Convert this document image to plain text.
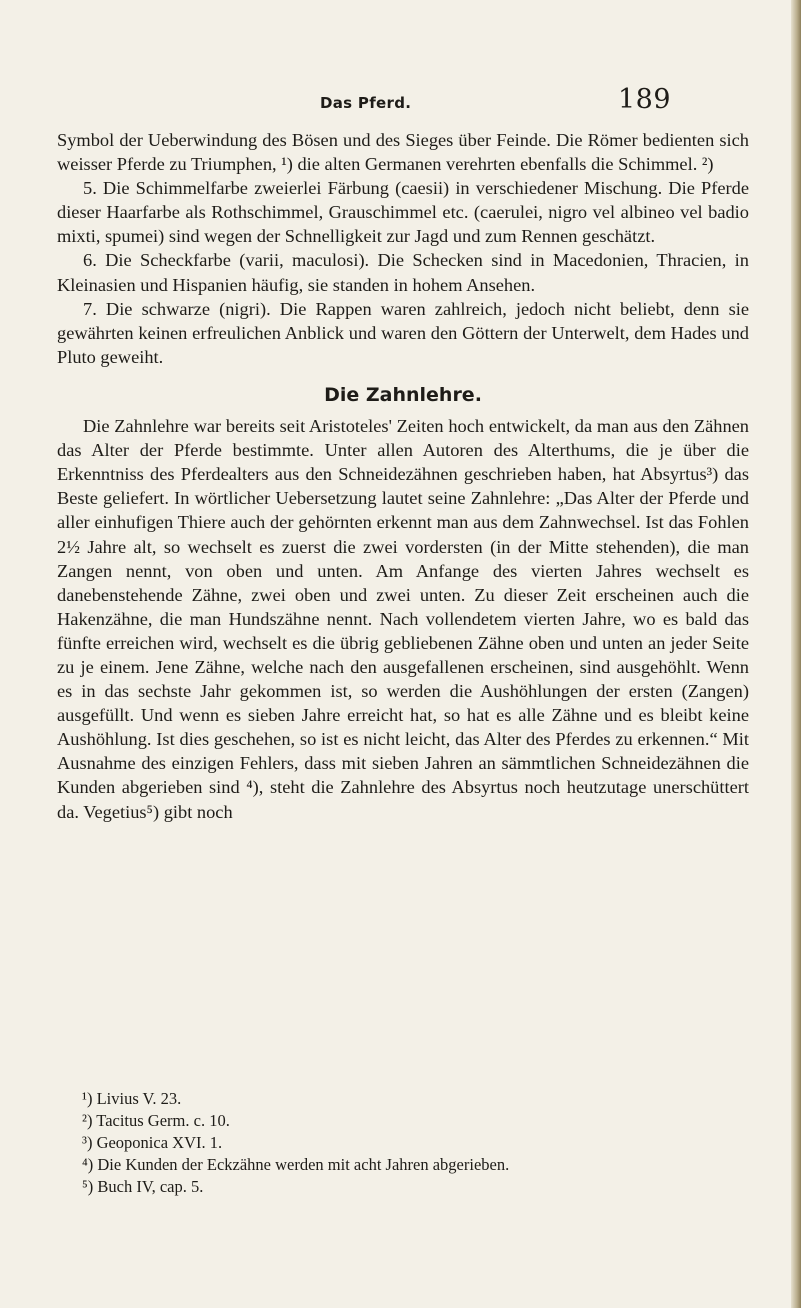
Das Pferd.	189

Symbol der Ueberwindung des Bösen und des Sieges über Feinde. Die Römer bedienten sich weisser Pferde zu Triumphen, ¹) die alten Germanen verehrten ebenfalls die Schimmel. ²)

5. Die Schimmelfarbe zweierlei Färbung (caesii) in verschiedener Mischung. Die Pferde dieser Haarfarbe als Rothschimmel, Grauschimmel etc. (caerulei, nigro vel albineo vel badio mixti, spumei) sind wegen der Schnelligkeit zur Jagd und zum Rennen geschätzt.

6. Die Scheckfarbe (varii, maculosi). Die Schecken sind in Macedonien, Thracien, in Kleinasien und Hispanien häufig, sie standen in hohem Ansehen.

7. Die schwarze (nigri). Die Rappen waren zahlreich, jedoch nicht beliebt, denn sie gewährten keinen erfreulichen Anblick und waren den Göttern der Unterwelt, dem Hades und Pluto geweiht.

Die Zahnlehre.

Die Zahnlehre war bereits seit Aristoteles' Zeiten hoch entwickelt, da man aus den Zähnen das Alter der Pferde bestimmte. Unter allen Autoren des Alterthums, die je über die Erkenntniss des Pferdealters aus den Schneidezähnen geschrieben haben, hat Absyrtus³) das Beste geliefert. In wörtlicher Uebersetzung lautet seine Zahnlehre: „Das Alter der Pferde und aller einhufigen Thiere auch der gehörnten erkennt man aus dem Zahnwechsel. Ist das Fohlen 2½ Jahre alt, so wechselt es zuerst die zwei vordersten (in der Mitte stehenden), die man Zangen nennt, von oben und unten. Am Anfange des vierten Jahres wechselt es danebenstehende Zähne, zwei oben und zwei unten. Zu dieser Zeit erscheinen auch die Hakenzähne, die man Hundszähne nennt. Nach vollendetem vierten Jahre, wo es bald das fünfte erreichen wird, wechselt es die übrig gebliebenen Zähne oben und unten an jeder Seite zu je einem. Jene Zähne, welche nach den ausgefallenen erscheinen, sind ausgehöhlt. Wenn es in das sechste Jahr gekommen ist, so werden die Aushöhlungen der ersten (Zangen) ausgefüllt. Und wenn es sieben Jahre erreicht hat, so hat es alle Zähne und es bleibt keine Aushöhlung. Ist dies geschehen, so ist es nicht leicht, das Alter des Pferdes zu erkennen.“ Mit Ausnahme des einzigen Fehlers, dass mit sieben Jahren an sämmtlichen Schneidezähnen die Kunden abgerieben sind ⁴), steht die Zahnlehre des Absyrtus noch heutzutage unerschüttert da. Vegetius⁵) gibt noch

¹) Livius V. 23.
²) Tacitus Germ. c. 10.
³) Geoponica XVI. 1.
⁴) Die Kunden der Eckzähne werden mit acht Jahren abgerieben.
⁵) Buch IV, cap. 5.
